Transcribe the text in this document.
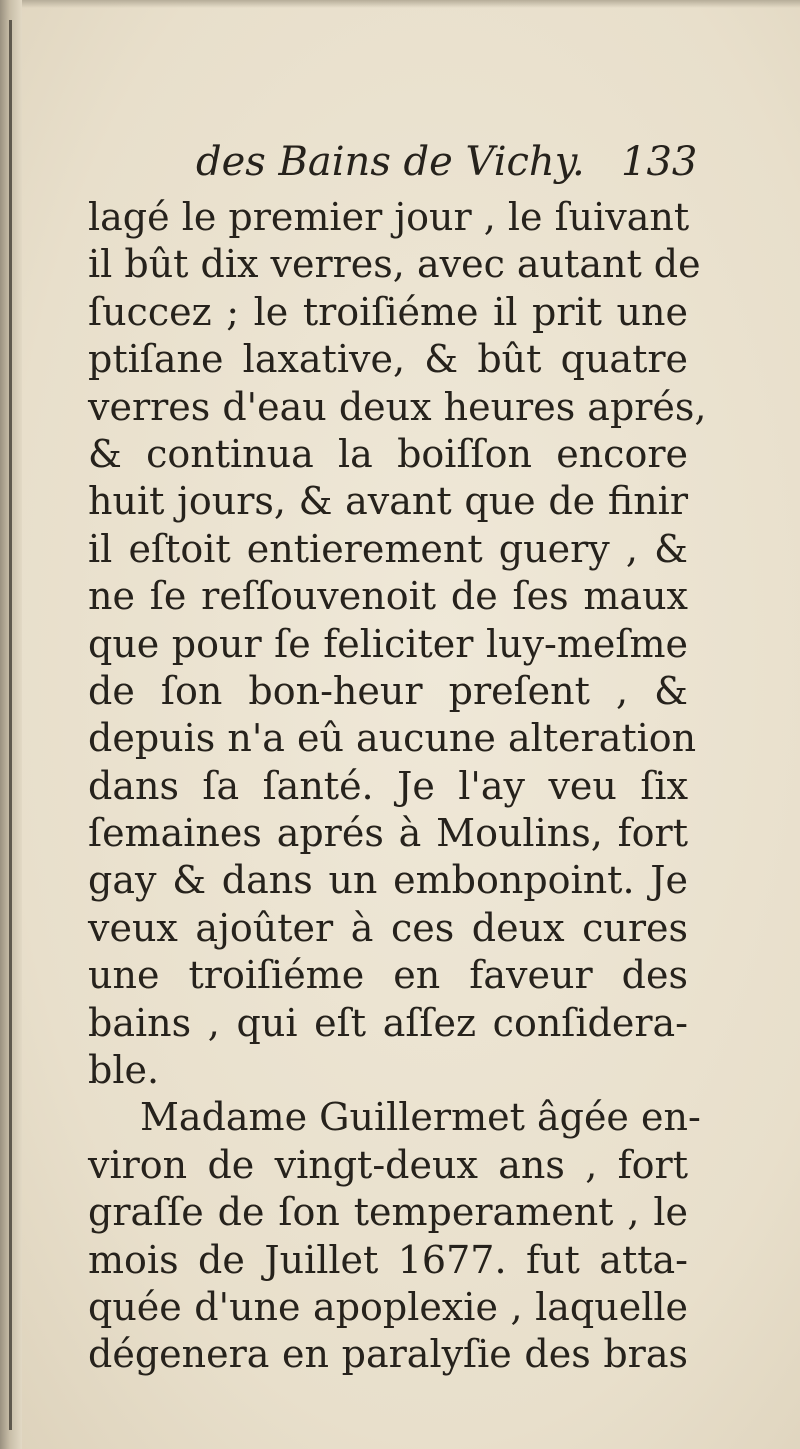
des Bains de Vichy. 133
lagé le premier jour , le ſuivant
il bût dix verres, avec autant de
ſuccez ; le troiſiéme il prit une
ptiſane laxative, & bût quatre
verres d'eau deux heures aprés,
& continua la boiſſon encore
huit jours, & avant que de finir
il eſtoit entierement guery , &
ne ſe reſſouvenoit de ſes maux
que pour ſe feliciter luy-meſme
de ſon bon-heur preſent , &
depuis n'a eû aucune alteration
dans ſa ſanté. Je l'ay veu ſix
ſemaines aprés à Moulins, fort
gay & dans un embonpoint. Je
veux ajoûter à ces deux cures
une troiſiéme en faveur des
bains , qui eſt aſſez conſidera-
ble.
Madame Guillermet âgée en-
viron de vingt-deux ans , fort
graſſe de ſon temperament , le
mois de Juillet 1677. fut atta-
quée d'une apoplexie , laquelle
dégenera en paralyſie des bras
